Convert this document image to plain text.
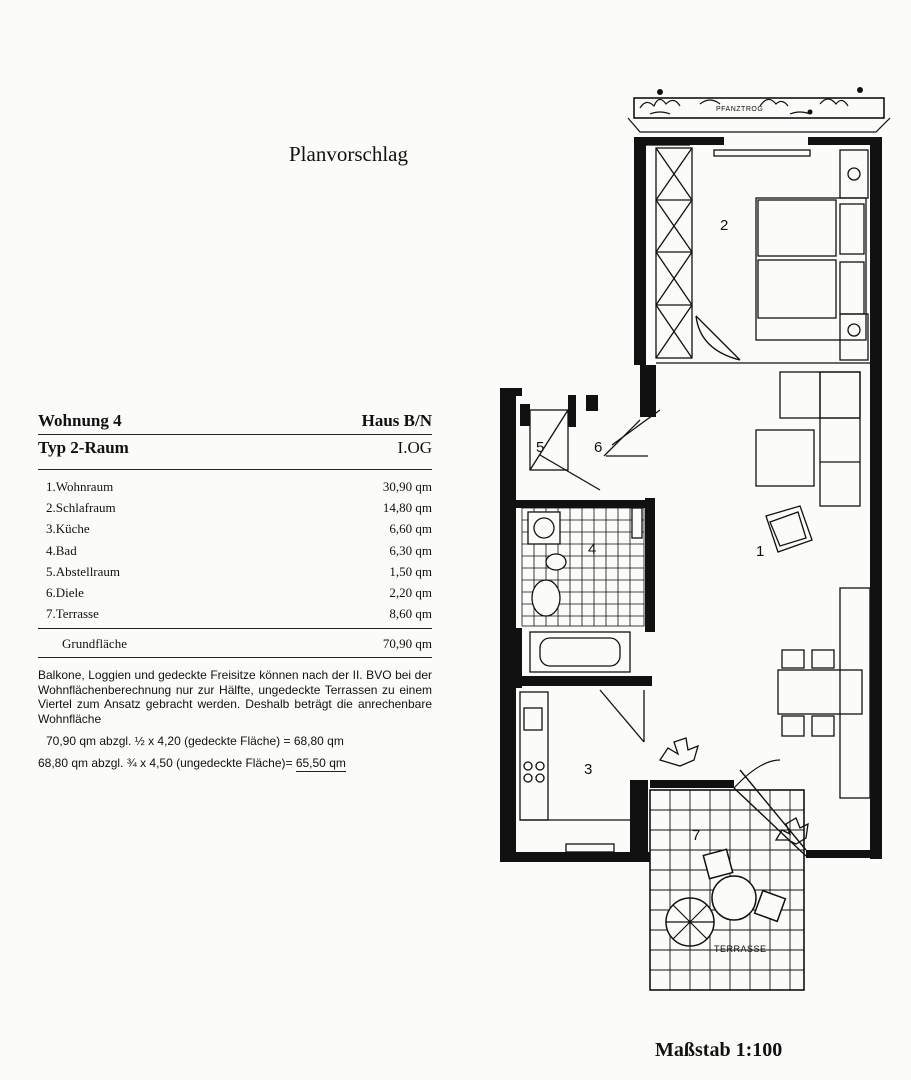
Planvorschlag
Wohnung 4	Haus B/N
Typ 2-Raum	I.OG
1.Wohnraum	30,90 qm
2.Schlafraum	14,80 qm
3.Küche	6,60 qm
4.Bad	6,30 qm
5.Abstellraum	1,50 qm
6.Diele	2,20 qm
7.Terrasse	8,60 qm
Grundfläche	70,90 qm
Balkone, Loggien und gedeckte Freisitze können nach der II. BVO bei der Wohnflächenberechnung nur zur Hälfte, ungedeckte Terrassen zu einem Viertel zum Ansatz gebracht werden. Deshalb beträgt die anrechenbare Wohnfläche
70,90 qm abzgl. ½ x 4,20 (gedeckte Fläche) = 68,80 qm
68,80 qm abzgl. ¾ x 4,50 (ungedeckte Fläche)= 65,50 qm
PFANZTROG
2
1
3
4
5	6
7
TERRASSE
Maßstab 1:100
